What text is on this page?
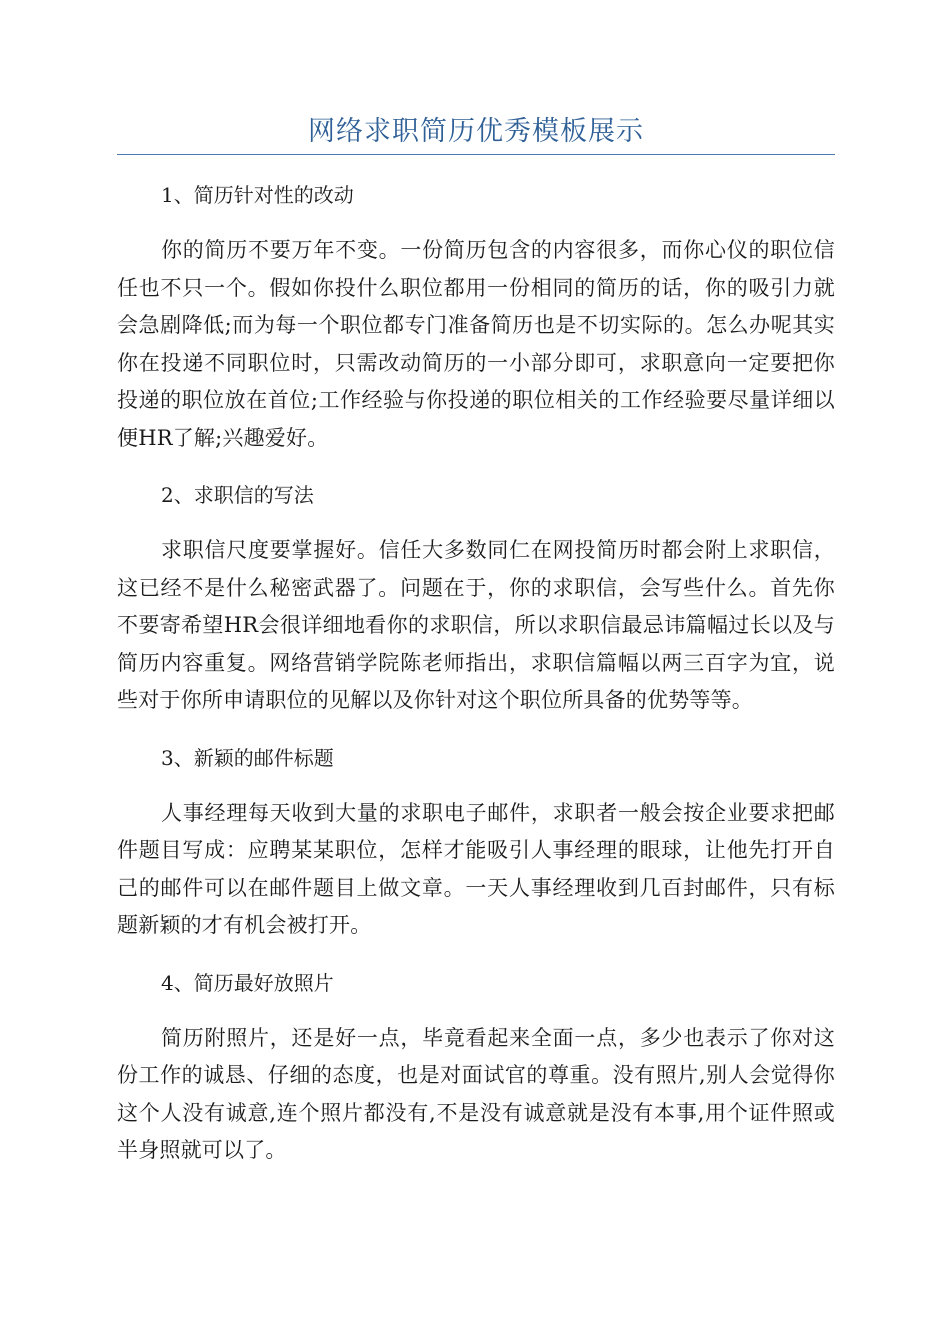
网络求职简历优秀模板展示

1、简历针对性的改动

你的简历不要万年不变。一份简历包含的内容很多，而你心仪的职位信任也不只一个。假如你投什么职位都用一份相同的简历的话，你的吸引力就会急剧降低;而为每一个职位都专门准备简历也是不切实际的。怎么办呢其实你在投递不同职位时，只需改动简历的一小部分即可，求职意向一定要把你投递的职位放在首位;工作经验与你投递的职位相关的工作经验要尽量详细以便HR了解;兴趣爱好。

2、求职信的写法

求职信尺度要掌握好。信任大多数同仁在网投简历时都会附上求职信，这已经不是什么秘密武器了。问题在于，你的求职信，会写些什么。首先你不要寄希望HR会很详细地看你的求职信，所以求职信最忌讳篇幅过长以及与简历内容重复。网络营销学院陈老师指出，求职信篇幅以两三百字为宜，说些对于你所申请职位的见解以及你针对这个职位所具备的优势等等。

3、新颖的邮件标题

人事经理每天收到大量的求职电子邮件，求职者一般会按企业要求把邮件题目写成：应聘某某职位，怎样才能吸引人事经理的眼球，让他先打开自己的邮件可以在邮件题目上做文章。一天人事经理收到几百封邮件，只有标题新颖的才有机会被打开。

4、简历最好放照片

简历附照片，还是好一点，毕竟看起来全面一点，多少也表示了你对这份工作的诚恳、仔细的态度，也是对面试官的尊重。没有照片,别人会觉得你这个人没有诚意,连个照片都没有,不是没有诚意就是没有本事,用个证件照或半身照就可以了。
